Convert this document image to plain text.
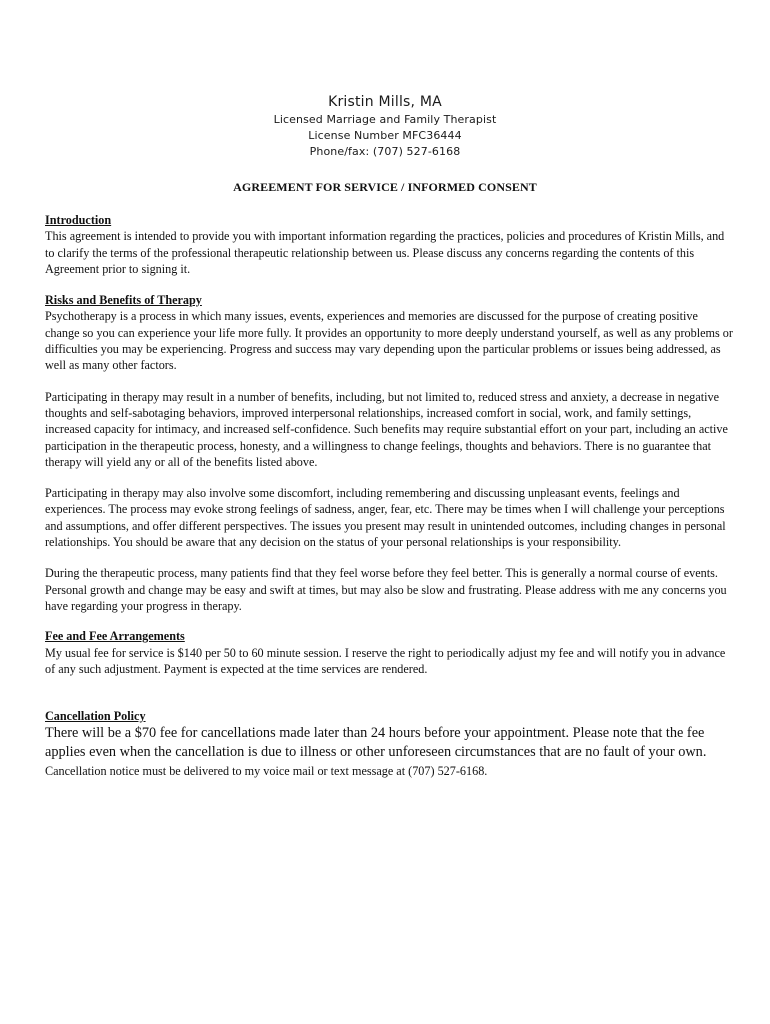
Kristin Mills, MA
Licensed Marriage and Family Therapist
License Number MFC36444
Phone/fax: (707) 527-6168
AGREEMENT FOR SERVICE / INFORMED CONSENT
Introduction

This agreement is intended to provide you with important information regarding the practices, policies and procedures of Kristin Mills, and to clarify the terms of the professional therapeutic relationship between us. Please discuss any concerns regarding the contents of this Agreement prior to signing it.

Risks and Benefits of Therapy

Psychotherapy is a process in which many issues, events, experiences and memories are discussed for the purpose of creating positive change so you can experience your life more fully. It provides an opportunity to more deeply understand yourself, as well as any problems or difficulties you may be experiencing. Progress and success may vary depending upon the particular problems or issues being addressed, as well as many other factors.

Participating in therapy may result in a number of benefits, including, but not limited to, reduced stress and anxiety, a decrease in negative thoughts and self-sabotaging behaviors, improved interpersonal relationships, increased comfort in social, work, and family settings, increased capacity for intimacy, and increased self-confidence. Such benefits may require substantial effort on your part, including an active participation in the therapeutic process, honesty, and a willingness to change feelings, thoughts and behaviors. There is no guarantee that therapy will yield any or all of the benefits listed above.

Participating in therapy may also involve some discomfort, including remembering and discussing unpleasant events, feelings and experiences. The process may evoke strong feelings of sadness, anger, fear, etc. There may be times when I will challenge your perceptions and assumptions, and offer different perspectives. The issues you present may result in unintended outcomes, including changes in personal relationships. You should be aware that any decision on the status of your personal relationships is your responsibility.

During the therapeutic process, many patients find that they feel worse before they feel better. This is generally a normal course of events. Personal growth and change may be easy and swift at times, but may also be slow and frustrating. Please address with me any concerns you have regarding your progress in therapy.

Fee and Fee Arrangements

My usual fee for service is $140 per 50 to 60 minute session. I reserve the right to periodically adjust my fee and will notify you in advance of any such adjustment. Payment is expected at the time services are rendered.

Cancellation Policy

There will be a $70 fee for cancellations made later than 24 hours before your appointment. Please note that the fee applies even when the cancellation is due to illness or other unforeseen circumstances that are no fault of your own. Cancellation notice must be delivered to my voice mail or text message at (707) 527-6168.
